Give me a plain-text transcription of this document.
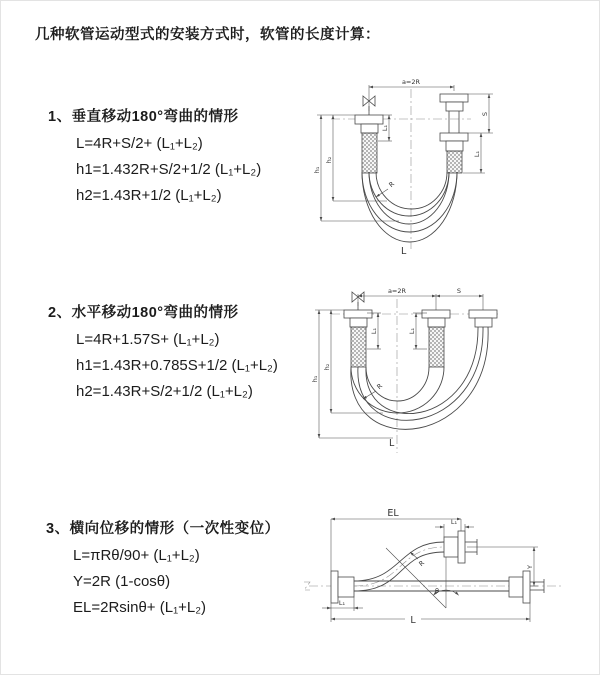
几种软管运动型式的安装方式时，软管的长度计算：
1、垂直移动180°弯曲的情形
L=4R+S/2+ (L₁+L₂)
h1=1.432R+S/2+1/2 (L₁+L₂)
h2=1.43R+1/2 (L₁+L₂)
a=2R
S
L₁
L₁
h₁
h₂
R
L
2、水平移动180°弯曲的情形
L=4R+1.57S+ (L₁+L₂)
h1=1.43R+0.785S+1/2 (L₁+L₂)
h2=1.43R+S/2+1/2 (L₁+L₂)
a=2R	S
h₁
h₂
L₁	L₁
R
L
3、横向位移的情形（一次性变位）
L=πRθ/90+ (L₁+L₂)
Y=2R (1-cosθ)
EL=2Rsinθ+ (L₁+L₂)
θ
R
EL
L₁
Y
L
L₁
